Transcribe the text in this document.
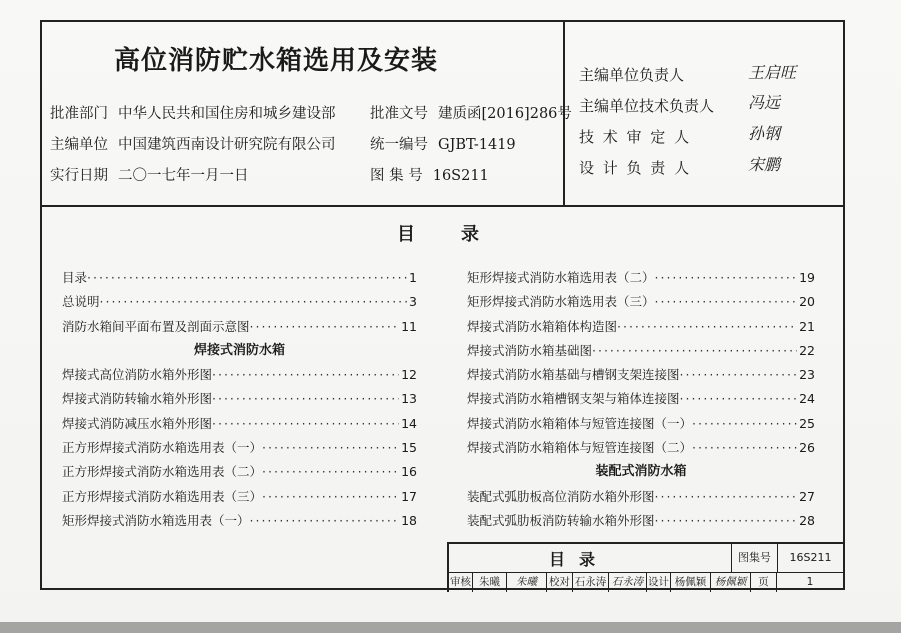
高位消防贮水箱选用及安装
批准部门 中华人民共和国住房和城乡建设部
主编单位 中国建筑西南设计研究院有限公司
实行日期 二〇一七年一月一日
批准文号 建质函[2016]286号
统一编号 GJBT-1419
图 集 号 16S211
主编单位负责人	王启旺
主编单位技术负责人 冯远
技 术 审 定 人	孙钢
设 计 负 责 人	宋鹏
目录
目录 ·····	1
总说明 ·····	3
消防水箱间平面布置及剖面示意图 ·····	11
焊接式消防水箱
焊接式高位消防水箱外形图 ·····	12
焊接式消防转输水箱外形图 ·····	13
焊接式消防减压水箱外形图 ·····	14
正方形焊接式消防水箱选用表（一） ·····	15
正方形焊接式消防水箱选用表（二） ·····	16
正方形焊接式消防水箱选用表（三） ·····	17
矩形焊接式消防水箱选用表（一） ·····	18
矩形焊接式消防水箱选用表（二） ·····	19
矩形焊接式消防水箱选用表（三） ·····	20
焊接式消防水箱箱体构造图 ·····	21
焊接式消防水箱基础图 ·····	22
焊接式消防水箱基础与槽钢支架连接图 ·····	23
焊接式消防水箱槽钢支架与箱体连接图 ·····	24
焊接式消防水箱箱体与短管连接图（一） ·····	25
焊接式消防水箱箱体与短管连接图（二） ·····	26
装配式消防水箱
装配式弧肋板高位消防水箱外形图 ·····	27
装配式弧肋板消防转输水箱外形图 ·····	28
目录	图集号	16S211
审核 朱曦	朱曦	校对 石永涛 石永涛 设计 杨佩颖 杨佩颖	页	1
